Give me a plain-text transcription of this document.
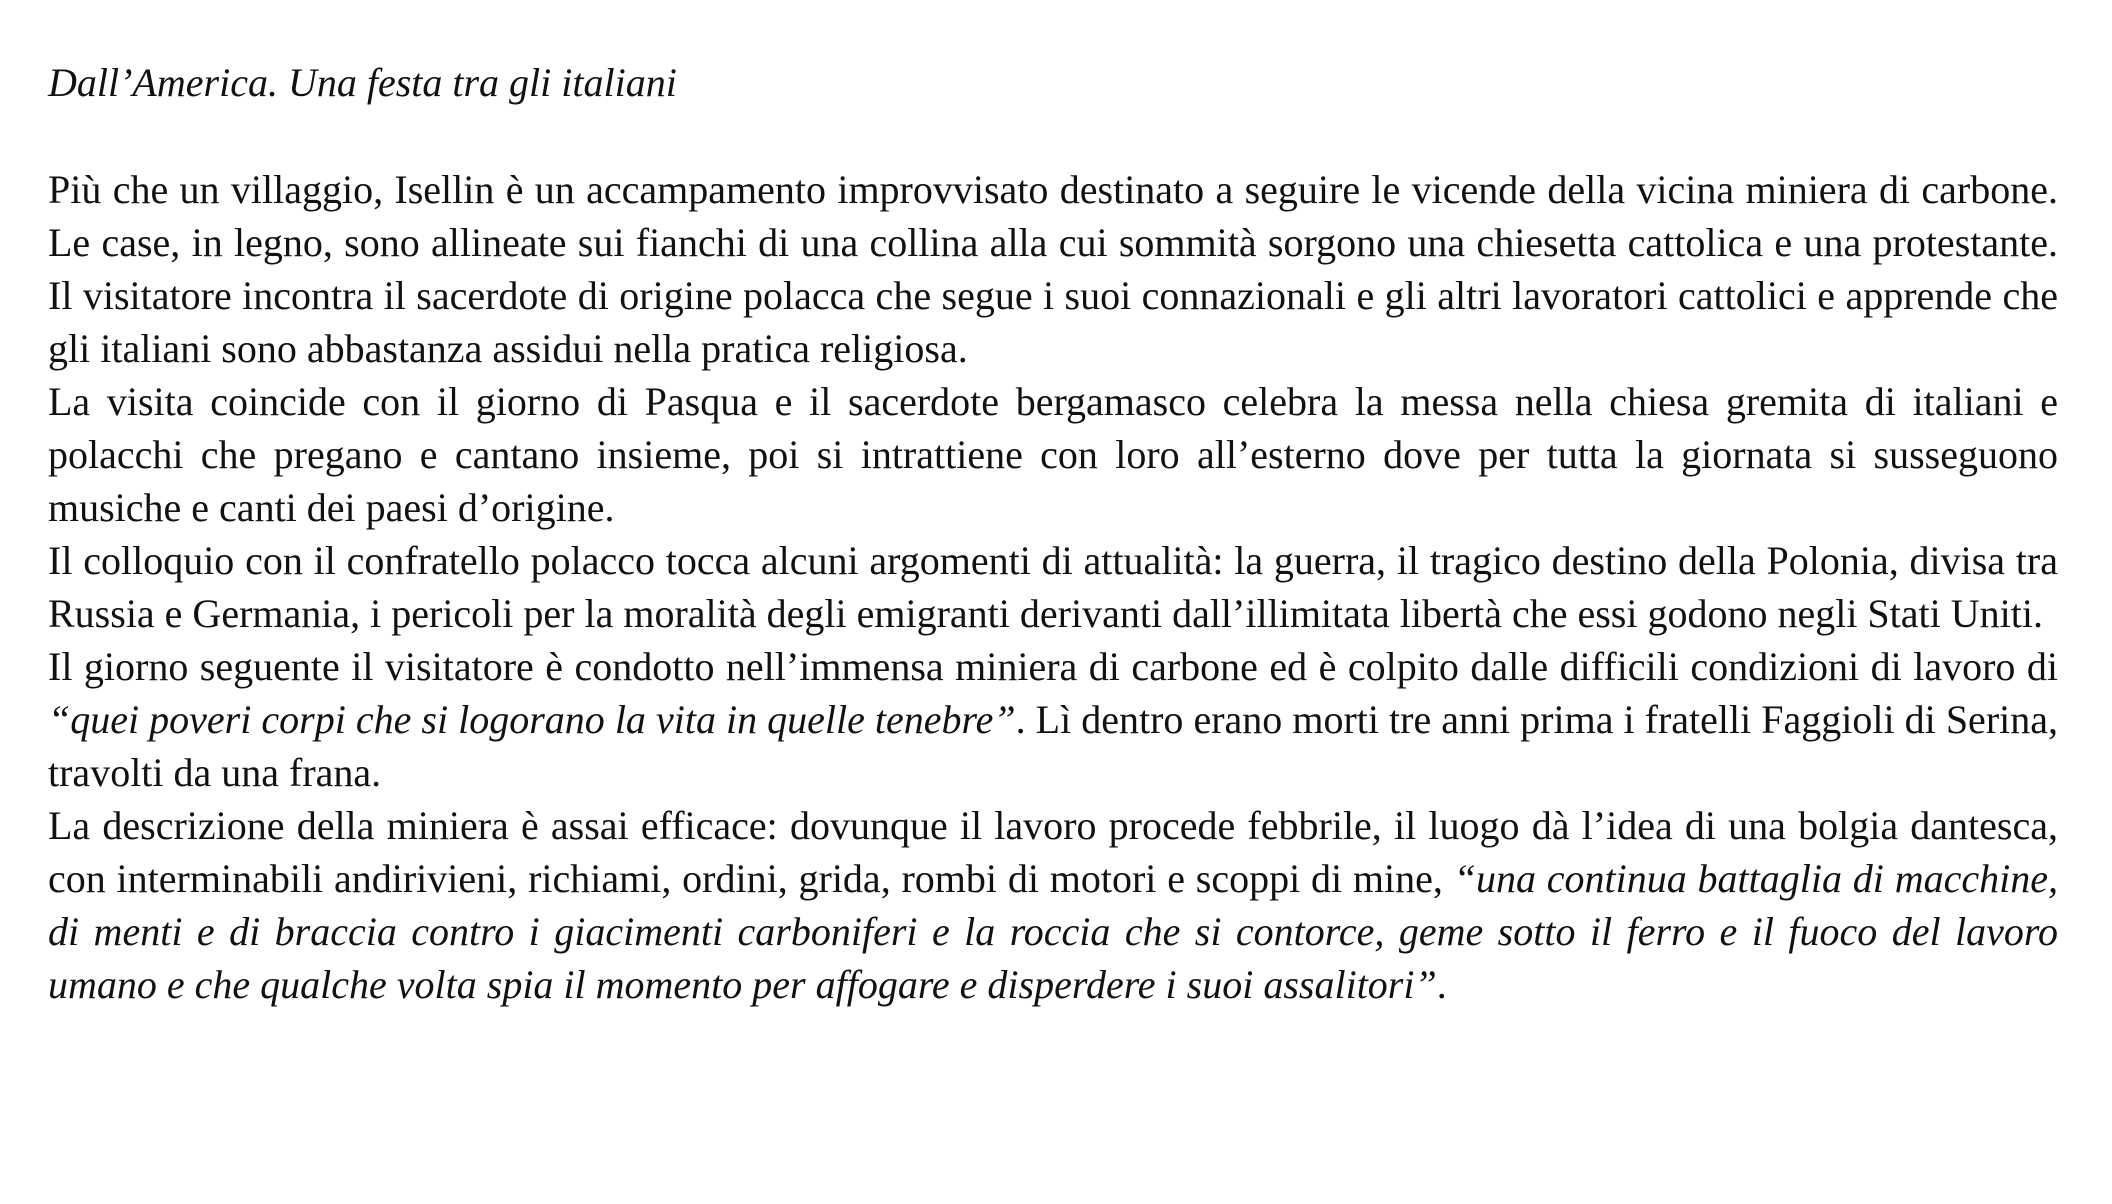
Dall’America. Una festa tra gli italiani

Più che un villaggio, Isellin è un accampamento improvvisato destinato a seguire le vicende della vicina miniera di carbone. Le case, in legno, sono allineate sui fianchi di una collina alla cui sommità sorgono una chiesetta cattolica e una protestante. Il visitatore incontra il sacerdote di origine polacca che segue i suoi connazionali e gli altri lavoratori cattolici e apprende che gli italiani sono abbastanza assidui nella pratica religiosa.

La visita coincide con il giorno di Pasqua e il sacerdote bergamasco celebra la messa nella chiesa gremita di italiani e polacchi che pregano e cantano insieme, poi si intrattiene con loro all’esterno dove per tutta la giornata si susseguono musiche e canti dei paesi d’origine.

Il colloquio con il confratello polacco tocca alcuni argomenti di attualità: la guerra, il tragico destino della Polonia, divisa tra Russia e Germania, i pericoli per la moralità degli emigranti derivanti dall’illimitata libertà che essi godono negli Stati Uniti.

Il giorno seguente il visitatore è condotto nell’immensa miniera di carbone ed è colpito dalle difficili condizioni di lavoro di “quei poveri corpi che si logorano la vita in quelle tenebre”. Lì dentro erano morti tre anni prima i fratelli Faggioli di Serina, travolti da una frana.

La descrizione della miniera è assai efficace: dovunque il lavoro procede febbrile, il luogo dà l’idea di una bolgia dantesca, con interminabili andirivieni, richiami, ordini, grida, rombi di motori e scoppi di mine, “una continua battaglia di macchine, di menti e di braccia contro i giacimenti carboniferi e la roccia che si contorce, geme sotto il ferro e il fuoco del lavoro umano e che qualche volta spia il momento per affogare e disperdere i suoi assalitori”.
